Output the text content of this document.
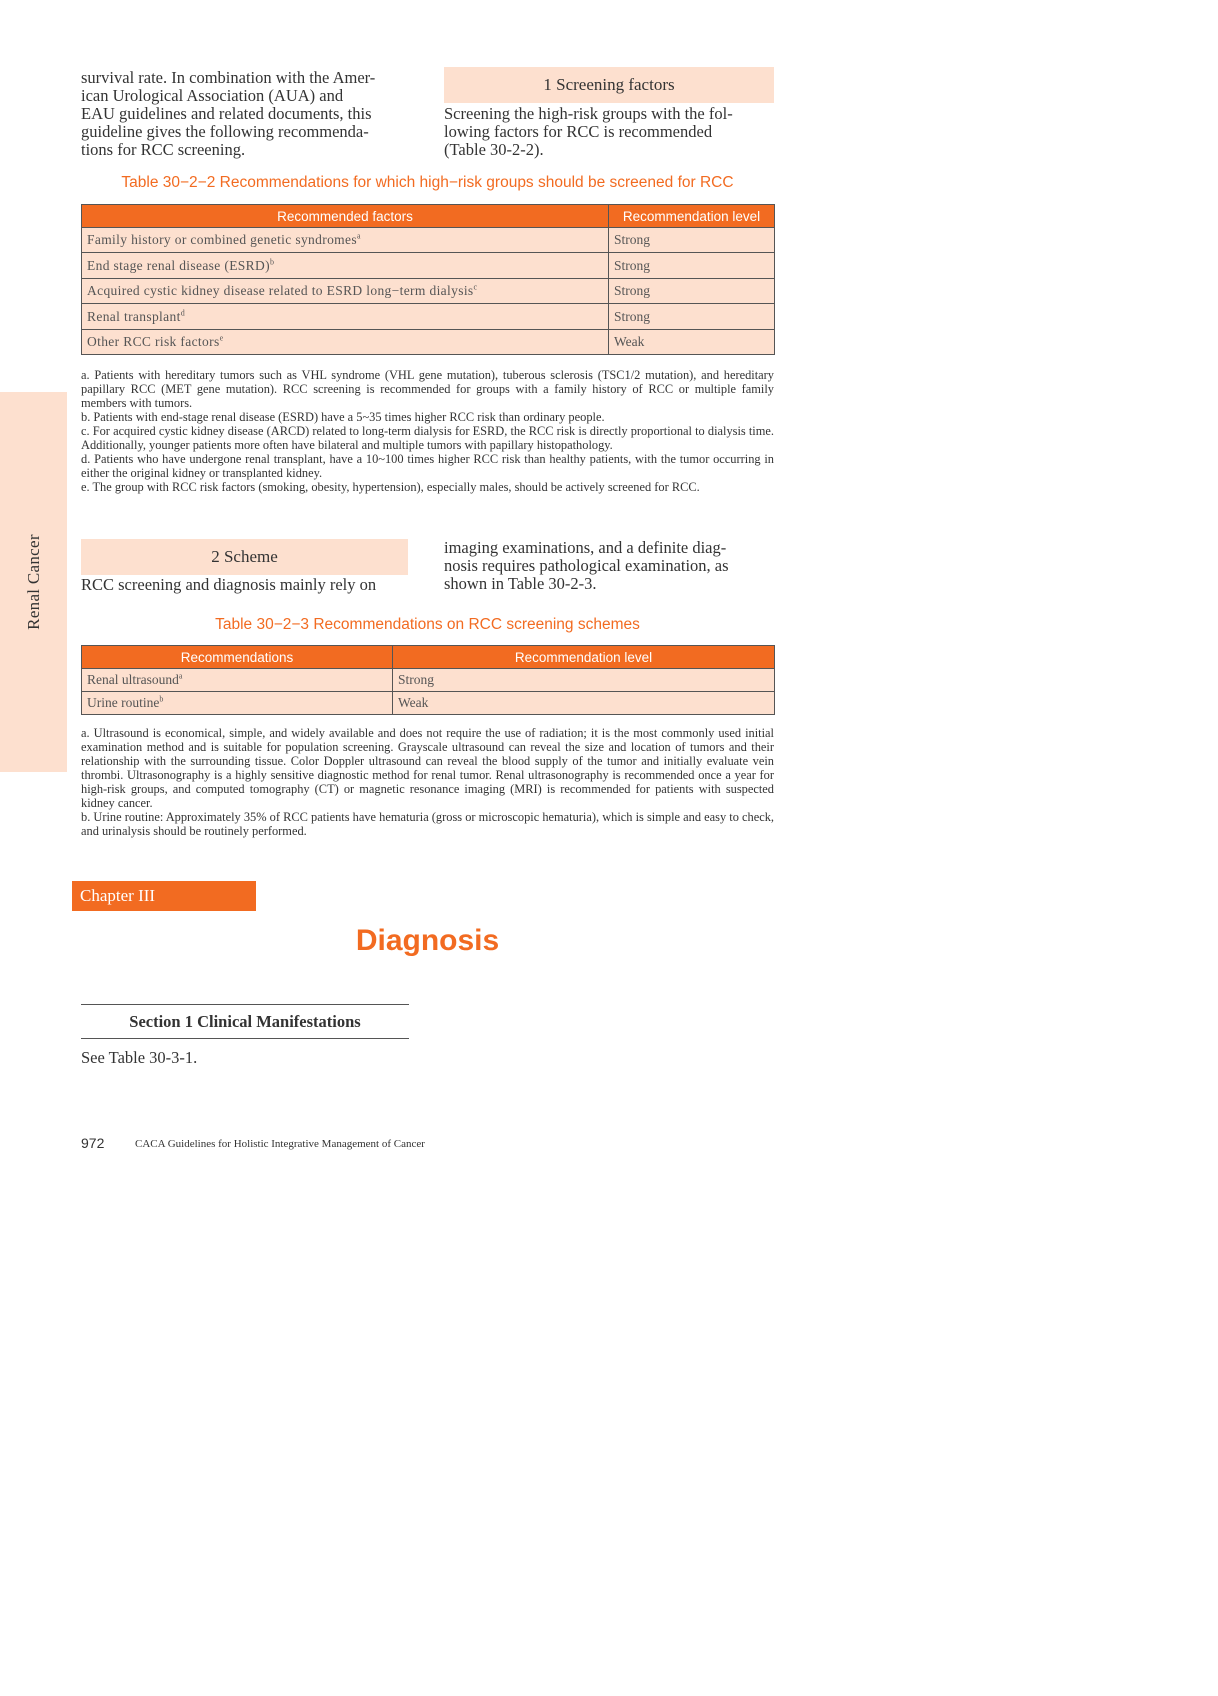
Renal Cancer
survival rate. In combination with the Amer-
ican Urological Association (AUA) and
EAU guidelines and related documents, this
guideline gives the following recommenda-
tions for RCC screening.
1 Screening factors
Screening the high-risk groups with the fol-
lowing factors for RCC is recommended
(Table 30-2-2).
Table 30−2−2 Recommendations for which high−risk groups should be screened for RCC
Recommended factors	Recommendation level
Family history or combined genetic syndromes$^a$	Strong
End stage renal disease (ESRD)$^b$	Strong
Acquired cystic kidney disease related to ESRD long−term dialysis$^c$	Strong
Renal transplant$^d$	Strong
Other RCC risk factors$^e$	Weak

a. Patients with hereditary tumors such as VHL syndrome (VHL gene mutation), tuberous sclerosis (TSC1/2 mutation), and hereditary papillary RCC (MET gene mutation). RCC screening is recommended for groups with a family history of RCC or multiple family members with tumors.

b. Patients with end-stage renal disease (ESRD) have a 5~35 times higher RCC risk than ordinary people.

c. For acquired cystic kidney disease (ARCD) related to long-term dialysis for ESRD, the RCC risk is directly proportional to dialysis time. Additionally, younger patients more often have bilateral and multiple tumors with papillary histopathology.

d. Patients who have undergone renal transplant, have a 10~100 times higher RCC risk than healthy patients, with the tumor occurring in either the original kidney or transplanted kidney.

e. The group with RCC risk factors (smoking, obesity, hypertension), especially males, should be actively screened for RCC.

2 Scheme
RCC screening and diagnosis mainly rely on
imaging examinations, and a definite diag-
nosis requires pathological examination, as
shown in Table 30-2-3.
Table 30−2−3 Recommendations on RCC screening schemes
Recommendations	Recommendation level
Renal ultrasound$^a$	Strong
Urine routine$^b$	Weak

a. Ultrasound is economical, simple, and widely available and does not require the use of radiation; it is the most commonly used initial examination method and is suitable for population screening. Grayscale ultrasound can reveal the size and location of tumors and their relationship with the surrounding tissue. Color Doppler ultrasound can reveal the blood supply of the tumor and initially evaluate vein thrombi. Ultrasonography is a highly sensitive diagnostic method for renal tumor. Renal ultrasonography is recommended once a year for high-risk groups, and computed tomography (CT) or magnetic resonance imaging (MRI) is recommended for patients with suspected kidney cancer.

b. Urine routine: Approximately 35% of RCC patients have hematuria (gross or microscopic hematuria), which is simple and easy to check, and urinalysis should be routinely performed.

Chapter III
Diagnosis
Section 1 Clinical Manifestations
See Table 30-3-1.
972	CACA Guidelines for Holistic Integrative Management of Cancer
